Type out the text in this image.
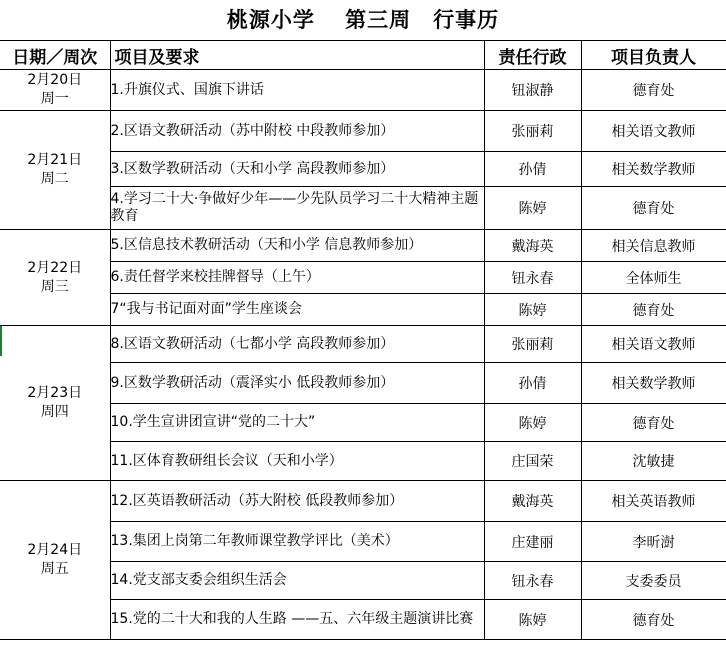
桃源小学　 第三周　行事历
日期／周次	项目及要求	责任行政	项目负责人

2月20日
周一	1.升旗仪式、国旗下讲话	钮淑静	德育处

2月21日
周二	2.区语文教研活动（苏中附校 中段教师参加）	张丽莉	相关语文教师
	3.区数学教研活动（天和小学 高段教师参加）	孙倩	相关数学教师
	4.学习二十大·争做好少年——少先队员学习二十大精神主题教育	陈婷	德育处

2月22日
周三	5.区信息技术教研活动（天和小学 信息教师参加）	戴海英	相关信息教师
	6.责任督学来校挂牌督导（上午）	钮永春	全体师生
	7“我与书记面对面”学生座谈会	陈婷	德育处

2月23日
周四	8.区语文教研活动（七都小学 高段教师参加）	张丽莉	相关语文教师
	9.区数学教研活动（震泽实小 低段教师参加）	孙倩	相关数学教师
	10.学生宣讲团宣讲“党的二十大”	陈婷	德育处
	11.区体育教研组长会议（天和小学）	庄国荣	沈敏捷

2月24日
周五	12.区英语教研活动（苏大附校 低段教师参加）	戴海英	相关英语教师
	13.集团上岗第二年教师课堂教学评比（美术）	庄建丽	李昕澍
	14.党支部支委会组织生活会	钮永春	支委委员
	15.党的二十大和我的人生路 ——五、六年级主题演讲比赛	陈婷	德育处
